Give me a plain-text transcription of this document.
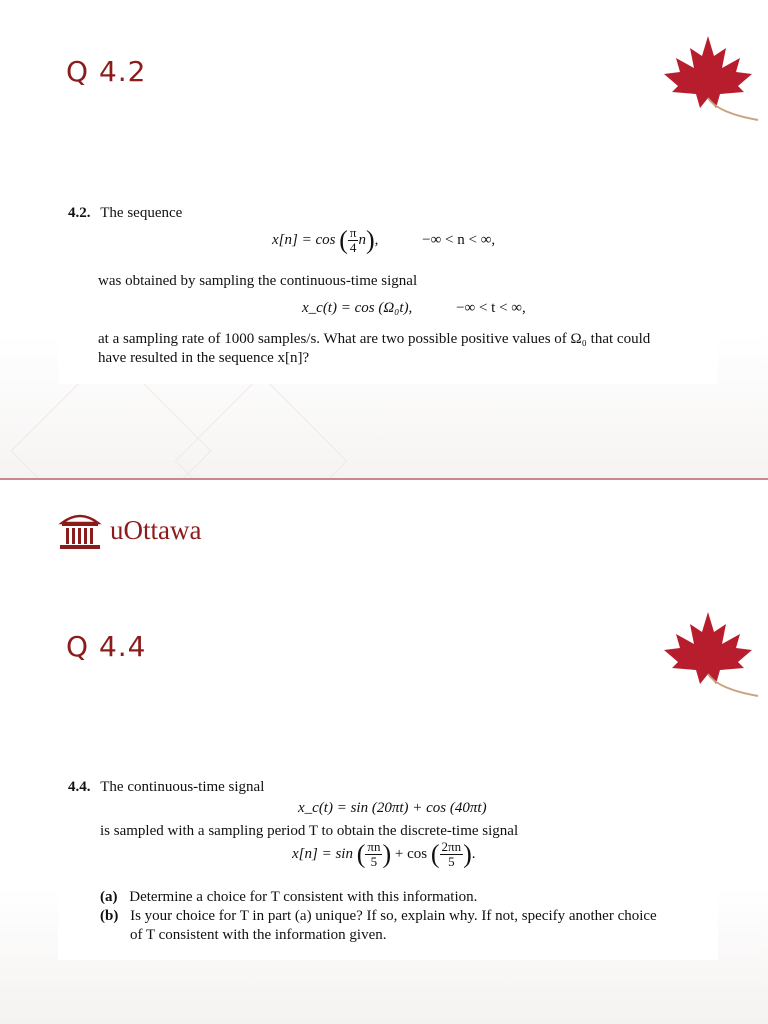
Q 4.2
4.2. The sequence
x[n] = cos ( $\frac{\pi}{4} n$),	−∞ < n < ∞,
was obtained by sampling the continuous-time signal
x_c(t) = cos (Ω₀t),	−∞ < t < ∞,
at a sampling rate of 1000 samples/s. What are two possible positive values of Ω₀ that could
have resulted in the sequence x[n]?
uOttawa
Q 4.4
4.4. The continuous-time signal
x_c(t) = sin (20πt) + cos (40πt)
is sampled with a sampling period T to obtain the discrete-time signal
x[n] = sin ( $\frac{\pi n}{5}$ ) + cos ( $\frac{2\pi n}{5}$ ).
(a) Determine a choice for T consistent with this information.
(b) Is your choice for T in part (a) unique? If so, explain why. If not, specify another choice
of T consistent with the information given.
